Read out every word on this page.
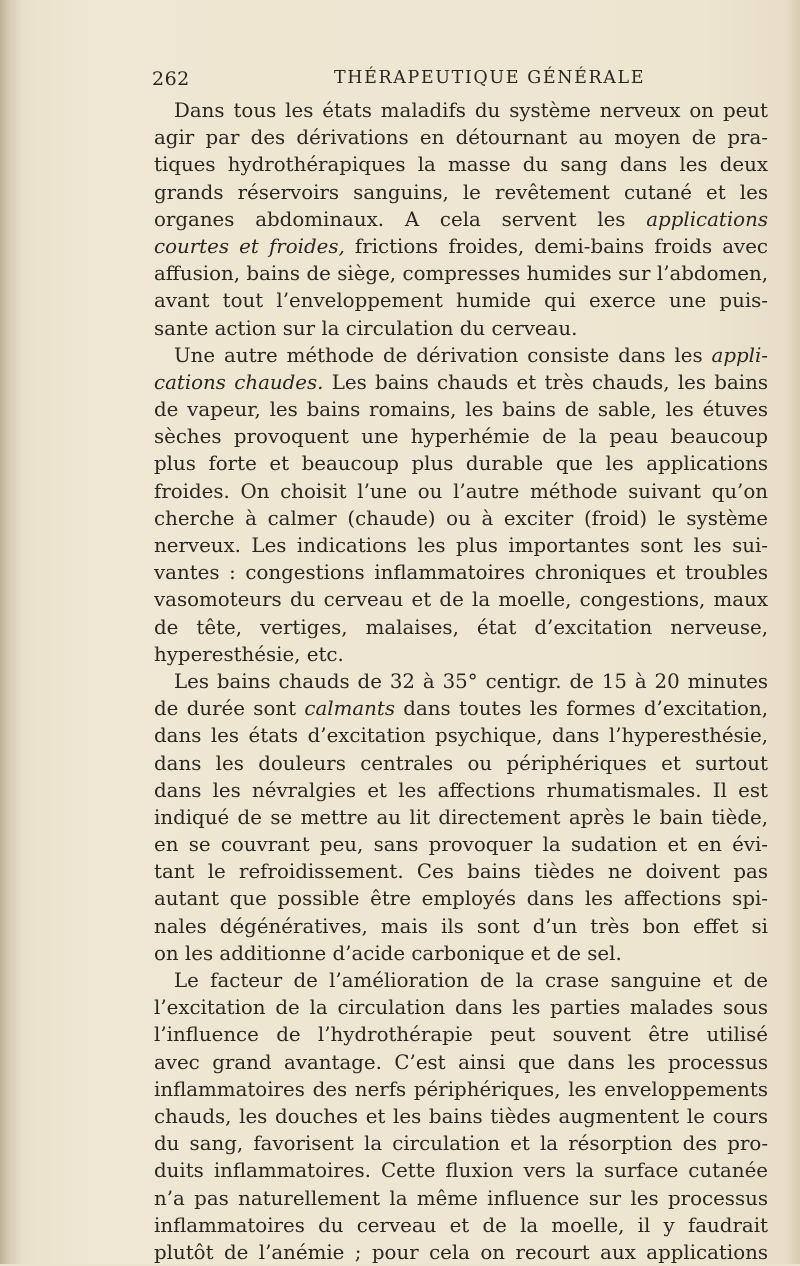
262	THÉRAPEUTIQUE GÉNÉRALE
Dans tous les états maladifs du système nerveux on peut
agir par des dérivations en détournant au moyen de pra-
tiques hydrothérapiques la masse du sang dans les deux
grands réservoirs sanguins, le revêtement cutané et les
organes abdominaux. A cela servent les applications
courtes et froides, frictions froides, demi-bains froids avec
affusion, bains de siège, compresses humides sur l’abdomen,
avant tout l’enveloppement humide qui exerce une puis-
sante action sur la circulation du cerveau.
Une autre méthode de dérivation consiste dans les appli-
cations chaudes. Les bains chauds et très chauds, les bains
de vapeur, les bains romains, les bains de sable, les étuves
sèches provoquent une hyperhémie de la peau beaucoup
plus forte et beaucoup plus durable que les applications
froides. On choisit l’une ou l’autre méthode suivant qu’on
cherche à calmer (chaude) ou à exciter (froid) le système
nerveux. Les indications les plus importantes sont les sui-
vantes : congestions inflammatoires chroniques et troubles
vasomoteurs du cerveau et de la moelle, congestions, maux
de tête, vertiges, malaises, état d’excitation nerveuse,
hyperesthésie, etc.
Les bains chauds de 32 à 35° centigr. de 15 à 20 minutes
de durée sont calmants dans toutes les formes d’excitation,
dans les états d’excitation psychique, dans l’hyperesthésie,
dans les douleurs centrales ou périphériques et surtout
dans les névralgies et les affections rhumatismales. Il est
indiqué de se mettre au lit directement après le bain tiède,
en se couvrant peu, sans provoquer la sudation et en évi-
tant le refroidissement. Ces bains tièdes ne doivent pas
autant que possible être employés dans les affections spi-
nales dégénératives, mais ils sont d’un très bon effet si
on les additionne d’acide carbonique et de sel.
Le facteur de l’amélioration de la crase sanguine et de
l’excitation de la circulation dans les parties malades sous
l’influence de l’hydrothérapie peut souvent être utilisé
avec grand avantage. C’est ainsi que dans les processus
inflammatoires des nerfs périphériques, les enveloppements
chauds, les douches et les bains tièdes augmentent le cours
du sang, favorisent la circulation et la résorption des pro-
duits inflammatoires. Cette fluxion vers la surface cutanée
n’a pas naturellement la même influence sur les processus
inflammatoires du cerveau et de la moelle, il y faudrait
plutôt de l’anémie ; pour cela on recourt aux applications
